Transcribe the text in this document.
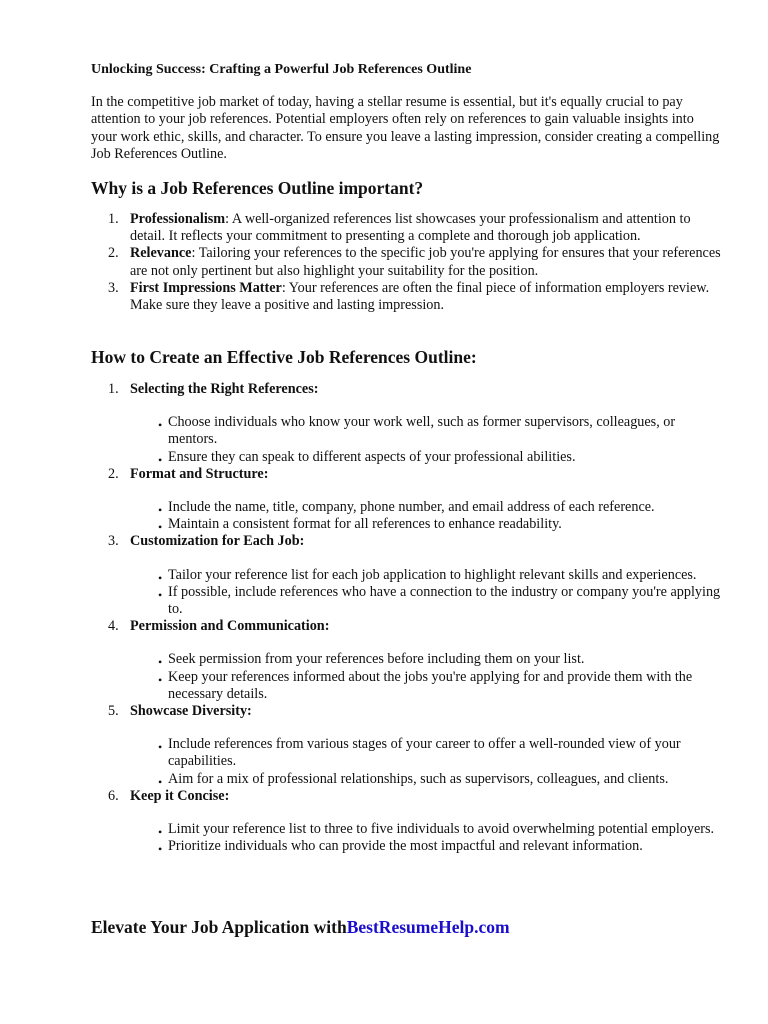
Unlocking Success: Crafting a Powerful Job References Outline

In the competitive job market of today, having a stellar resume is essential, but it's equally crucial to pay attention to your job references. Potential employers often rely on references to gain valuable insights into your work ethic, skills, and character. To ensure you leave a lasting impression, consider creating a compelling Job References Outline.

Why is a Job References Outline important?
1. Professionalism: A well-organized references list showcases your professionalism and attention to detail. It reflects your commitment to presenting a complete and thorough job application.
2. Relevance: Tailoring your references to the specific job you're applying for ensures that your references are not only pertinent but also highlight your suitability for the position.
3. First Impressions Matter: Your references are often the final piece of information employers review. Make sure they leave a positive and lasting impression.
How to Create an Effective Job References Outline:
1. Selecting the Right References:
• Choose individuals who know your work well, such as former supervisors, colleagues, or mentors.
• Ensure they can speak to different aspects of your professional abilities.
2. Format and Structure:
• Include the name, title, company, phone number, and email address of each reference.
• Maintain a consistent format for all references to enhance readability.
3. Customization for Each Job:
• Tailor your reference list for each job application to highlight relevant skills and experiences.
• If possible, include references who have a connection to the industry or company you're applying to.
4. Permission and Communication:
• Seek permission from your references before including them on your list.
• Keep your references informed about the jobs you're applying for and provide them with the necessary details.
5. Showcase Diversity:
• Include references from various stages of your career to offer a well-rounded view of your capabilities.
• Aim for a mix of professional relationships, such as supervisors, colleagues, and clients.
6. Keep it Concise:
• Limit your reference list to three to five individuals to avoid overwhelming potential employers.
• Prioritize individuals who can provide the most impactful and relevant information.
Elevate Your Job Application withBestResumeHelp.com
